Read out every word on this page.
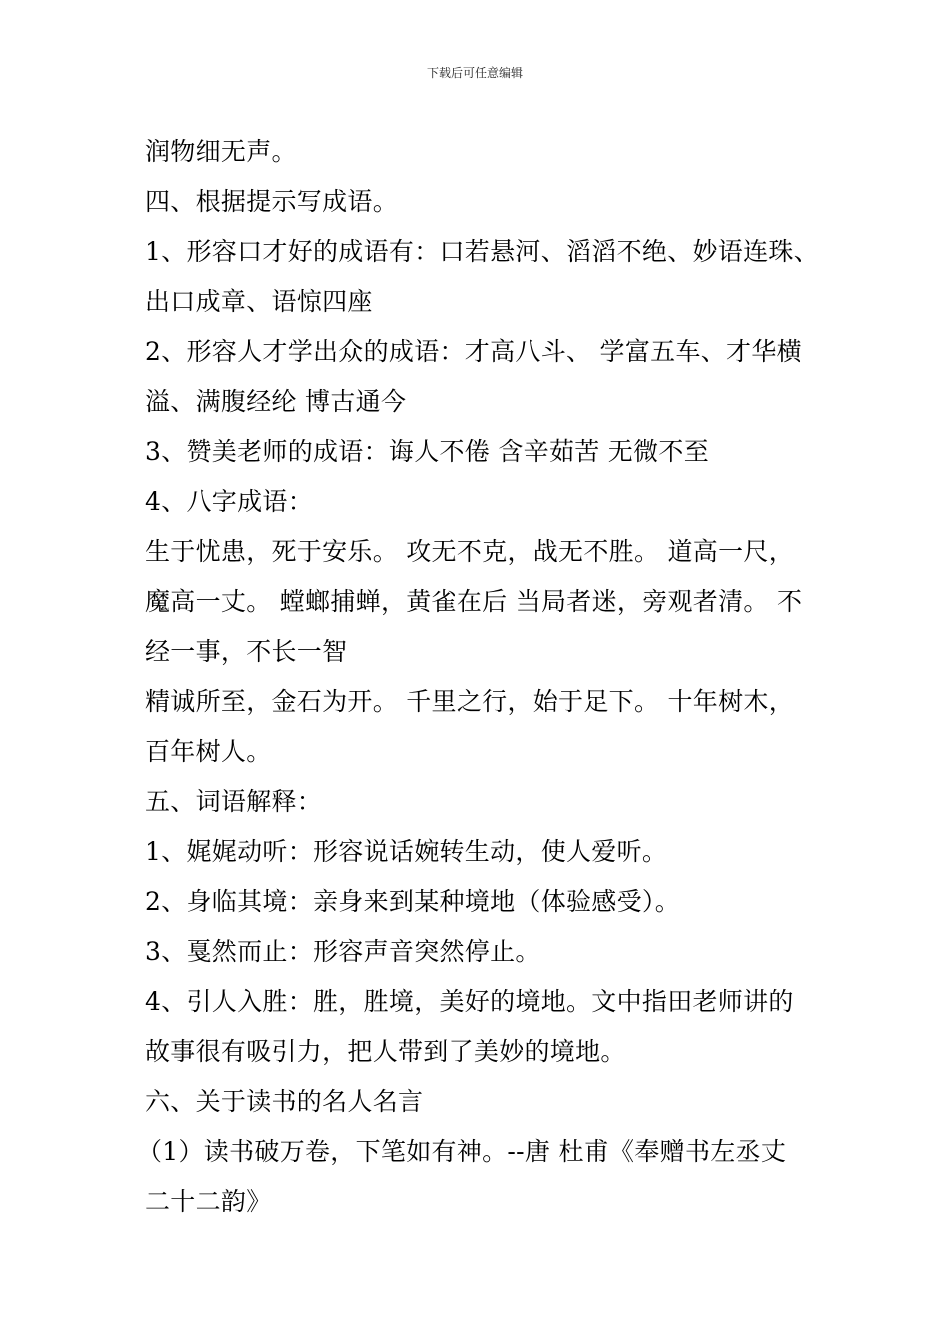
下载后可任意编辑
润物细无声。
四、根据提示写成语。
1、形容口才好的成语有：口若悬河、滔滔不绝、妙语连珠、
出口成章、语惊四座
2、形容人才学出众的成语：才高八斗、 学富五车、才华横
溢、满腹经纶 博古通今
3、赞美老师的成语：诲人不倦 含辛茹苦 无微不至
4、八字成语：
生于忧患，死于安乐。 攻无不克，战无不胜。 道高一尺，
魔高一丈。 螳螂捕蝉，黄雀在后 当局者迷，旁观者清。 不
经一事，不长一智
精诚所至，金石为开。 千里之行，始于足下。 十年树木，
百年树人。
五、词语解释：
1、娓娓动听：形容说话婉转生动，使人爱听。
2、身临其境：亲身来到某种境地（体验感受）。
3、戛然而止：形容声音突然停止。
4、引人入胜：胜，胜境，美好的境地。文中指田老师讲的
故事很有吸引力，把人带到了美妙的境地。
六、关于读书的名人名言
（1）读书破万卷，下笔如有神。--唐 杜甫《奉赠书左丞丈
二十二韵》
